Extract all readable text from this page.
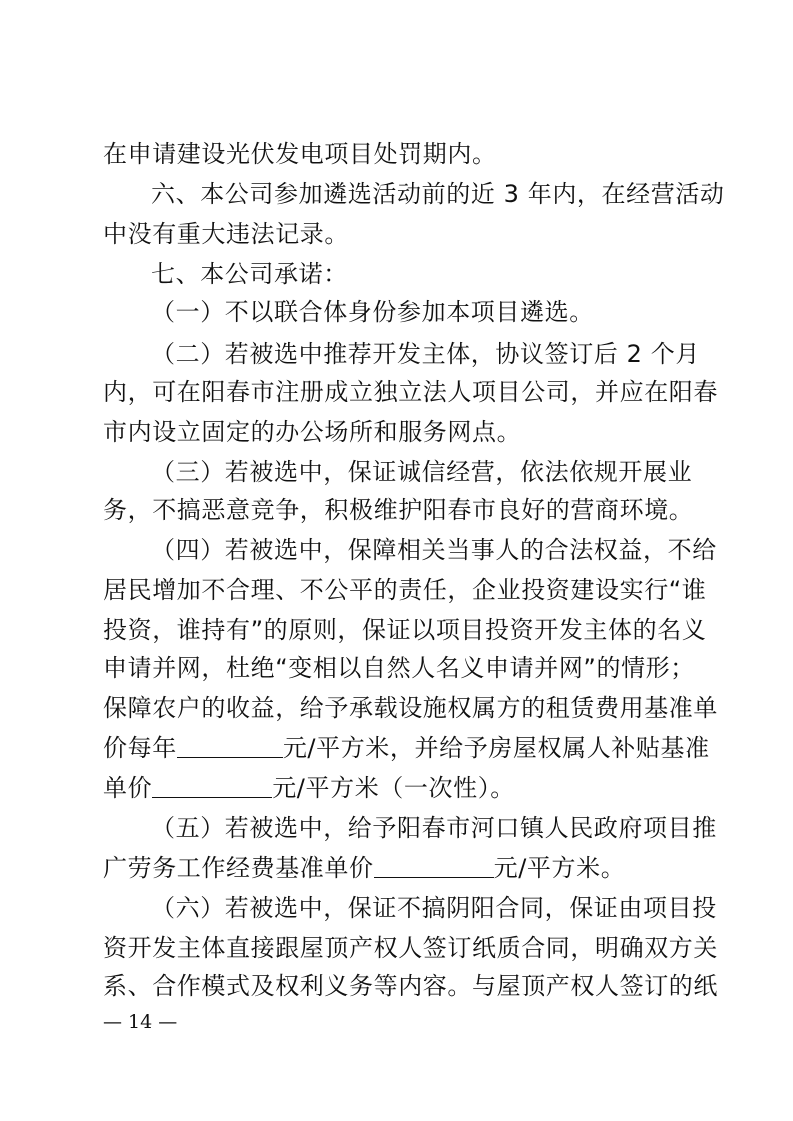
在申请建设光伏发电项目处罚期内。
六、本公司参加遴选活动前的近 3 年内，在经营活动
中没有重大违法记录。
七、本公司承诺：
（一）不以联合体身份参加本项目遴选。
（二）若被选中推荐开发主体，协议签订后 2 个月
内，可在阳春市注册成立独立法人项目公司，并应在阳春
市内设立固定的办公场所和服务网点。
（三）若被选中，保证诚信经营，依法依规开展业
务，不搞恶意竞争，积极维护阳春市良好的营商环境。
（四）若被选中，保障相关当事人的合法权益，不给
居民增加不合理、不公平的责任，企业投资建设实行“谁
投资，谁持有”的原则，保证以项目投资开发主体的名义
申请并网，杜绝“变相以自然人名义申请并网”的情形；
保障农户的收益，给予承载设施权属方的租赁费用基准单
价每年	元/平方米，并给予房屋权属人补贴基准
单价	元/平方米（一次性）。
（五）若被选中，给予阳春市河口镇人民政府项目推
广劳务工作经费基准单价	元/平方米。
（六）若被选中，保证不搞阴阳合同，保证由项目投
资开发主体直接跟屋顶产权人签订纸质合同，明确双方关
系、合作模式及权利义务等内容。与屋顶产权人签订的纸
— 14 —
